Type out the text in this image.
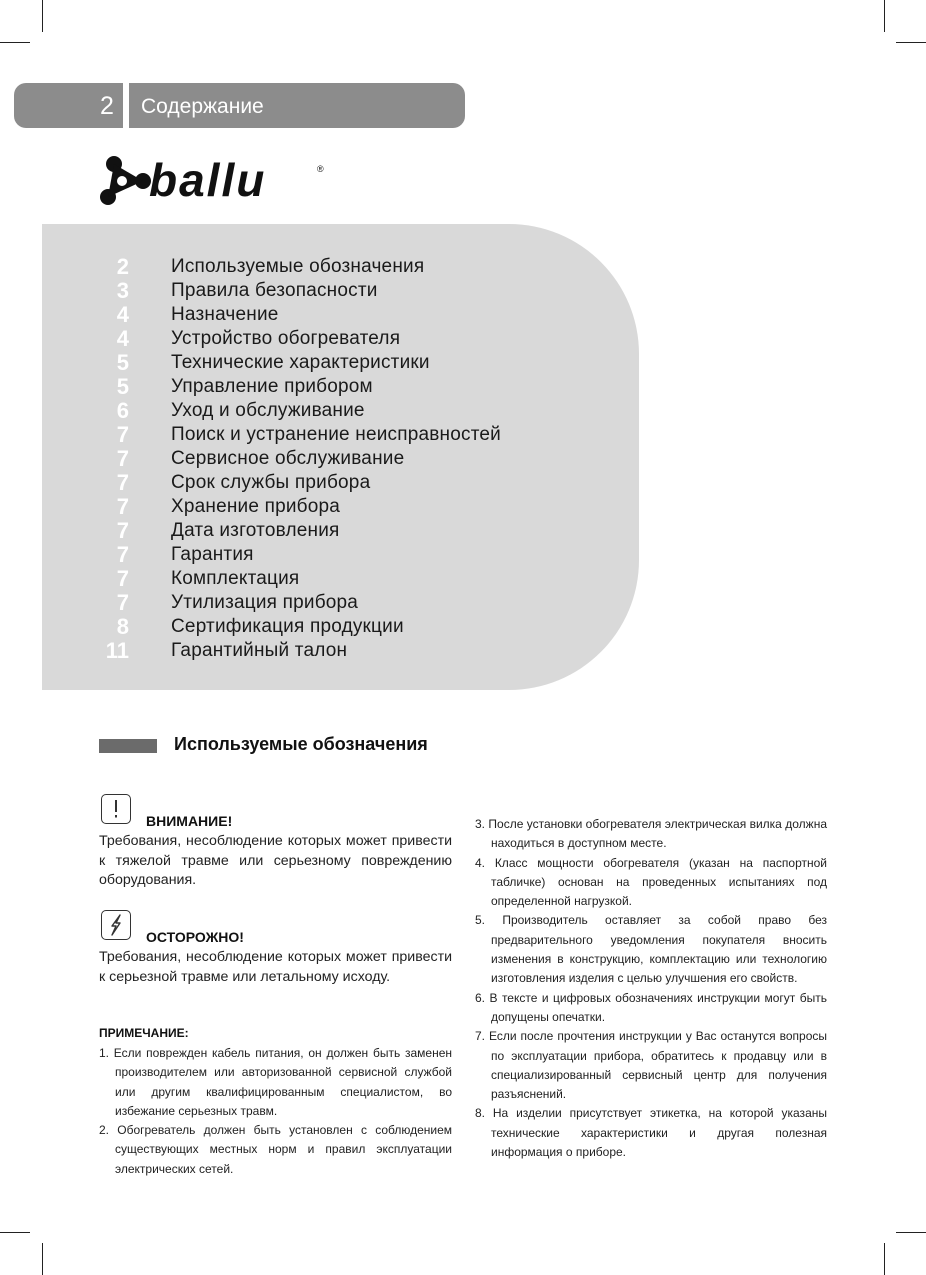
2 Содержание
ballu	®
2	Используемые обозначения
3	Правила безопасности
4	Назначение
4	Устройство обогревателя
5	Технические характеристики
5	Управление прибором
6	Уход и обслуживание
7	Поиск и устранение неисправностей
7	Сервисное обслуживание
7	Срок службы прибора
7	Хранение прибора
7	Дата изготовления
7	Гарантия
7	Комплектация
7	Утилизация прибора
8	Сертификация продукции
11	Гарантийный талон
Используемые обозначения
ВНИМАНИЕ!
Требования, несоблюдение которых может привести к тяжелой травме или серьезному повреждению оборудования.
ОСТОРОЖНО!
Требования, несоблюдение которых может привести к серьезной травме или летальному исходу.
ПРИМЕЧАНИЕ:
1. Если поврежден кабель питания, он должен быть заменен производителем или авторизованной сервисной службой или другим квалифицированным специалистом, во избежание серьезных травм.
2. Обогреватель должен быть установлен с соблюдением существующих местных норм и правил эксплуатации электрических сетей.
3. После установки обогревателя электрическая вилка должна находиться в доступном месте.
4. Класс мощности обогревателя (указан на паспортной табличке) основан на проведенных испытаниях под определенной нагрузкой.
5. Производитель оставляет за собой право без предварительного уведомления покупателя вносить изменения в конструкцию, комплектацию или технологию изготовления изделия с целью улучшения его свойств.
6. В тексте и цифровых обозначениях инструкции могут быть допущены опечатки.
7. Если после прочтения инструкции у Вас останутся вопросы по эксплуатации прибора, обратитесь к продавцу или в специализированный сервисный центр для получения разъяснений.
8. На изделии присутствует этикетка, на которой указаны технические характеристики и другая полезная информация о приборе.
